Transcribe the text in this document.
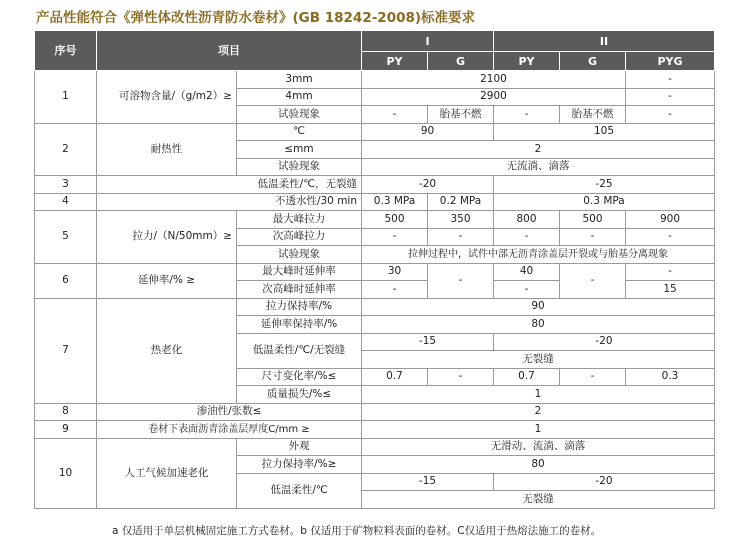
产品性能符合《弹性体改性沥青防水卷材》(GB 18242-2008)标准要求
序号	项目		I		II		
			PY	G	PY	G	PYG
1	可溶物含量/（g/m2）≥	3mm	2100				-
		4mm	2900				-
		试验现象	-	胎基不燃	-	胎基不燃	-
2	耐热性	℃	90		105		
		≤mm	2				
		试验现象	无流淌、滴落				
3	低温柔性/℃，无裂缝		-20		-25		
4	不透水性/30 min		0.3 MPa	0.2 MPa	0.3 MPa		
5	拉力/（N/50mm）≥	最大峰拉力	500	350	800	500	900
		次高峰拉力	-	-	-	-	-
		试验现象	拉伸过程中，试件中部无沥青涂盖层开裂或与胎基分离现象				
6	延伸率/% ≥	最大峰时延伸率	30	-	40	-	-
		次高峰时延伸率	-		-		15
7	热老化	拉力保持率/%	90				
		延伸率保持率/%	80				
		低温柔性/℃/无裂缝	-15		-20		
			无裂缝				
		尺寸变化率/%≤	0.7	-	0.7	-	0.3
		质量损失/%≤	1				
8	渗油性/张数≤		2				
9	卷材下表面沥青涂盖层厚度C/mm ≥		1				
10	人工气候加速老化	外观	无滑动、流淌、滴落				
		拉力保持率/%≥	80				
		低温柔性/℃	-15		-20		
			无裂缝				
a 仅适用于单层机械固定施工方式卷材。b 仅适用于矿物粒料表面的卷材。C仅适用于热熔法施工的卷材。
